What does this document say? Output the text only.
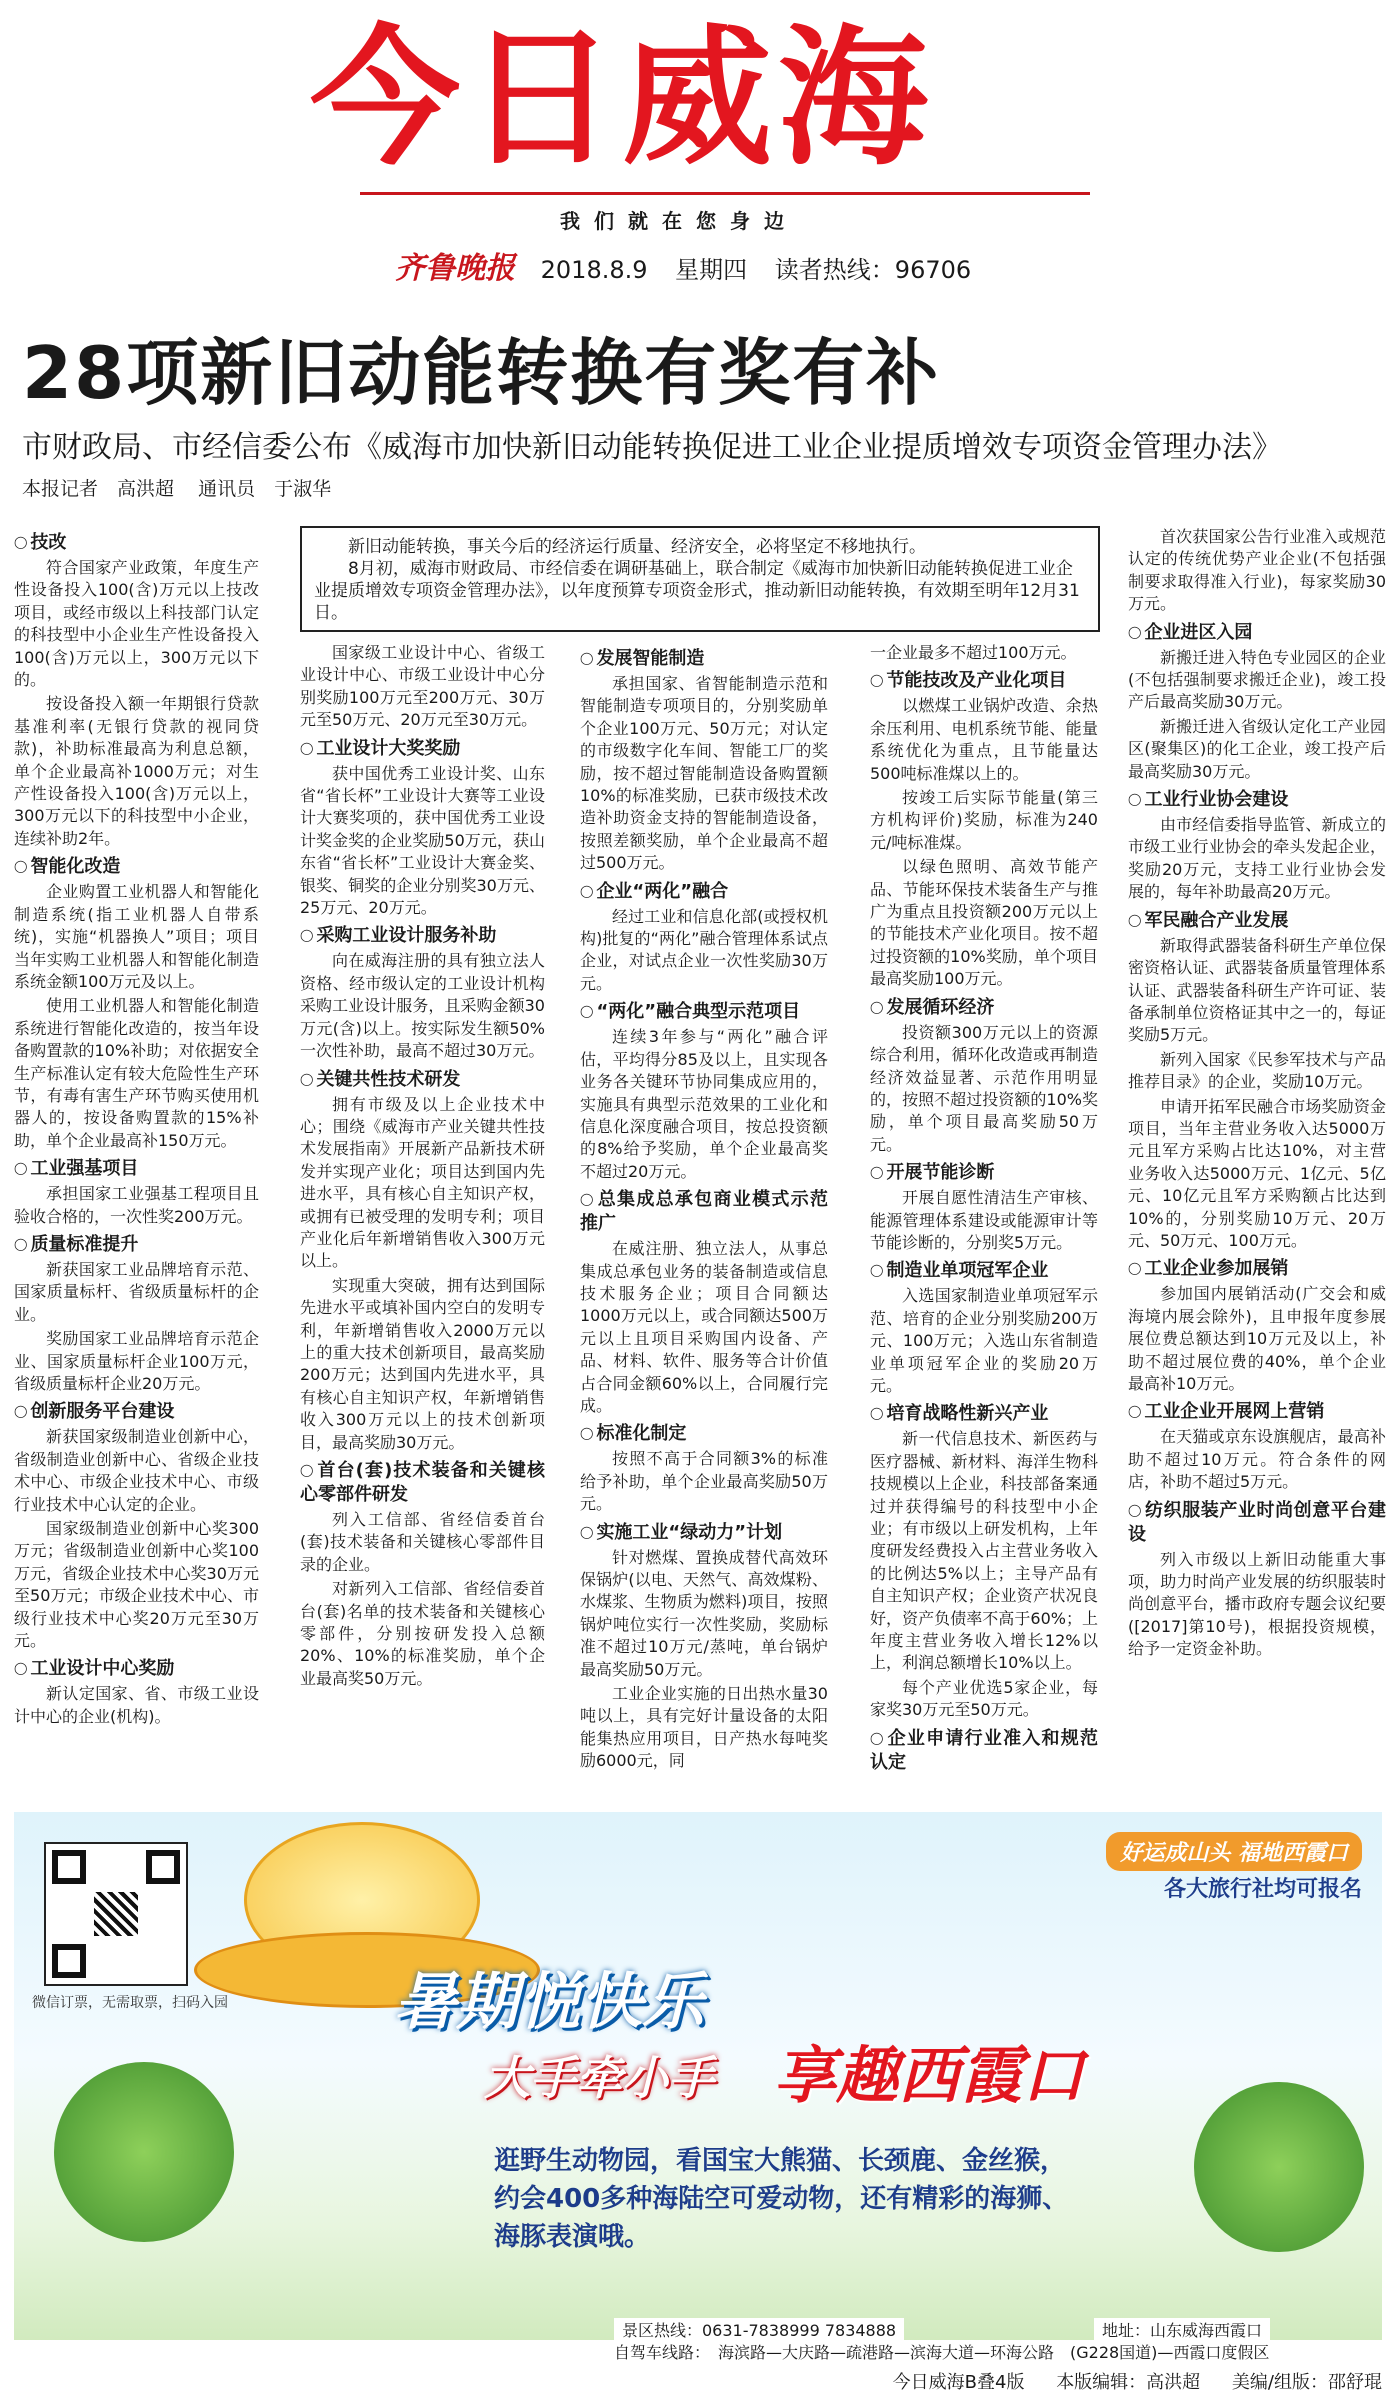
今日威海
我们就在您身边
齐鲁晚报 2018.8.9 星期四 读者热线：96706
28项新旧动能转换有奖有补
市财政局、市经信委公布《威海市加快新旧动能转换促进工业企业提质增效专项资金管理办法》
本报记者　高洪超 通讯员　于淑华
新旧动能转换，事关今后的经济运行质量、经济安全，必将坚定不移地执行。
8月初，威海市财政局、市经信委在调研基础上，联合制定《威海市加快新旧动能转换促进工业企业提质增效专项资金管理办法》，以年度预算专项资金形式，推动新旧动能转换，有效期至明年12月31日。
◯ 技改

符合国家产业政策，年度生产性设备投入100(含)万元以上技改项目，或经市级以上科技部门认定的科技型中小企业生产性设备投入100(含)万元以上，300万元以下的。

按设备投入额一年期银行贷款基准利率(无银行贷款的视同贷款)，补助标准最高为利息总额，单个企业最高补1000万元；对生产性设备投入100(含)万元以上，300万元以下的科技型中小企业，连续补助2年。

◯ 智能化改造

企业购置工业机器人和智能化制造系统(指工业机器人自带系统)，实施“机器换人”项目；项目当年实购工业机器人和智能化制造系统金额100万元及以上。

使用工业机器人和智能化制造系统进行智能化改造的，按当年设备购置款的10%补助；对依据安全生产标准认定有较大危险性生产环节，有毒有害生产环节购买使用机器人的，按设备购置款的15%补助，单个企业最高补150万元。

◯ 工业强基项目

承担国家工业强基工程项目且验收合格的，一次性奖200万元。

◯ 质量标准提升

新获国家工业品牌培育示范、国家质量标杆、省级质量标杆的企业。

奖励国家工业品牌培育示范企业、国家质量标杆企业100万元，省级质量标杆企业20万元。

◯ 创新服务平台建设

新获国家级制造业创新中心，省级制造业创新中心、省级企业技术中心、市级企业技术中心、市级行业技术中心认定的企业。

国家级制造业创新中心奖300万元；省级制造业创新中心奖100万元，省级企业技术中心奖30万元至50万元；市级企业技术中心、市级行业技术中心奖20万元至30万元。

◯ 工业设计中心奖励

新认定国家、省、市级工业设计中心的企业(机构)。

国家级工业设计中心、省级工业设计中心、市级工业设计中心分别奖励100万元至200万元、30万元至50万元、20万元至30万元。

◯ 工业设计大奖奖励

获中国优秀工业设计奖、山东省“省长杯”工业设计大赛等工业设计大赛奖项的，获中国优秀工业设计奖金奖的企业奖励50万元，获山东省“省长杯”工业设计大赛金奖、银奖、铜奖的企业分别奖30万元、25万元、20万元。

◯ 采购工业设计服务补助

向在威海注册的具有独立法人资格、经市级认定的工业设计机构采购工业设计服务，且采购金额30万元(含)以上。按实际发生额50%一次性补助，最高不超过30万元。

◯ 关键共性技术研发

拥有市级及以上企业技术中心；围绕《威海市产业关键共性技术发展指南》开展新产品新技术研发并实现产业化；项目达到国内先进水平，具有核心自主知识产权，或拥有已被受理的发明专利；项目产业化后年新增销售收入300万元以上。

实现重大突破，拥有达到国际先进水平或填补国内空白的发明专利，年新增销售收入2000万元以上的重大技术创新项目，最高奖励200万元；达到国内先进水平，具有核心自主知识产权，年新增销售收入300万元以上的技术创新项目，最高奖励30万元。

◯ 首台(套)技术装备和关键核心零部件研发

列入工信部、省经信委首台(套)技术装备和关键核心零部件目录的企业。

对新列入工信部、省经信委首台(套)名单的技术装备和关键核心零部件，分别按研发投入总额20%、10%的标准奖励，单个企业最高奖50万元。

◯ 发展智能制造

承担国家、省智能制造示范和智能制造专项项目的，分别奖励单个企业100万元、50万元；对认定的市级数字化车间、智能工厂的奖励，按不超过智能制造设备购置额10%的标准奖励，已获市级技术改造补助资金支持的智能制造设备，按照差额奖励，单个企业最高不超过500万元。

◯ 企业“两化”融合

经过工业和信息化部(或授权机构)批复的“两化”融合管理体系试点企业，对试点企业一次性奖励30万元。

◯ “两化”融合典型示范项目

连续3年参与“两化”融合评估，平均得分85及以上，且实现各业务各关键环节协同集成应用的，实施具有典型示范效果的工业化和信息化深度融合项目，按总投资额的8%给予奖励，单个企业最高奖不超过20万元。

◯ 总集成总承包商业模式示范推广

在威注册、独立法人，从事总集成总承包业务的装备制造或信息技术服务企业；项目合同额达1000万元以上，或合同额达500万元以上且项目采购国内设备、产品、材料、软件、服务等合计价值占合同金额60%以上，合同履行完成。

◯ 标准化制定

按照不高于合同额3%的标准给予补助，单个企业最高奖励50万元。

◯ 实施工业“绿动力”计划

针对燃煤、置换成替代高效环保锅炉(以电、天然气、高效煤粉、水煤浆、生物质为燃料)项目，按照锅炉吨位实行一次性奖励，奖励标准不超过10万元/蒸吨，单台锅炉最高奖励50万元。

工业企业实施的日出热水量30吨以上，具有完好计量设备的太阳能集热应用项目，日产热水每吨奖励6000元，同

一企业最多不超过100万元。

◯ 节能技改及产业化项目

以燃煤工业锅炉改造、余热余压利用、电机系统节能、能量系统优化为重点，且节能量达500吨标准煤以上的。

按竣工后实际节能量(第三方机构评价)奖励，标准为240元/吨标准煤。

以绿色照明、高效节能产品、节能环保技术装备生产与推广为重点且投资额200万元以上的节能技术产业化项目。按不超过投资额的10%奖励，单个项目最高奖励100万元。

◯ 发展循环经济

投资额300万元以上的资源综合利用，循环化改造或再制造经济效益显著、示范作用明显的，按照不超过投资额的10%奖励，单个项目最高奖励50万元。

◯ 开展节能诊断

开展自愿性清洁生产审核、能源管理体系建设或能源审计等节能诊断的，分别奖5万元。

◯ 制造业单项冠军企业

入选国家制造业单项冠军示范、培育的企业分别奖励200万元、100万元；入选山东省制造业单项冠军企业的奖励20万元。

◯ 培育战略性新兴产业

新一代信息技术、新医药与医疗器械、新材料、海洋生物科技规模以上企业，科技部备案通过并获得编号的科技型中小企业；有市级以上研发机构，上年度研发经费投入占主营业务收入的比例达5%以上；主导产品有自主知识产权；企业资产状况良好，资产负债率不高于60%；上年度主营业务收入增长12%以上，利润总额增长10%以上。

每个产业优选5家企业，每家奖30万元至50万元。

◯ 企业申请行业准入和规范认定

首次获国家公告行业准入或规范认定的传统优势产业企业(不包括强制要求取得准入行业)，每家奖励30万元。

◯ 企业进区入园

新搬迁进入特色专业园区的企业(不包括强制要求搬迁企业)，竣工投产后最高奖励30万元。

新搬迁进入省级认定化工产业园区(聚集区)的化工企业，竣工投产后最高奖励30万元。

◯ 工业行业协会建设

由市经信委指导监管、新成立的市级工业行业协会的牵头发起企业，奖励20万元，支持工业行业协会发展的，每年补助最高20万元。

◯ 军民融合产业发展

新取得武器装备科研生产单位保密资格认证、武器装备质量管理体系认证、武器装备科研生产许可证、装备承制单位资格证其中之一的，每证奖励5万元。

新列入国家《民参军技术与产品推荐目录》的企业，奖励10万元。

申请开拓军民融合市场奖励资金项目，当年主营业务收入达5000万元且军方采购占比达10%，对主营业务收入达5000万元、1亿元、5亿元、10亿元且军方采购额占比达到10%的，分别奖励10万元、20万元、50万元、100万元。

◯ 工业企业参加展销

参加国内展销活动(广交会和威海境内展会除外)，且申报年度参展展位费总额达到10万元及以上，补助不超过展位费的40%，单个企业最高补10万元。

◯ 工业企业开展网上营销

在天猫或京东设旗舰店，最高补助不超过10万元。符合条件的网店，补助不超过5万元。

◯ 纺织服装产业时尚创意平台建设

列入市级以上新旧动能重大事项，助力时尚产业发展的纺织服装时尚创意平台，播市政府专题会议纪要([2017]第10号)，根据投资规模，给予一定资金补助。

微信订票，无需取票，扫码入园
好运成山头 福地西霞口
各大旅行社均可报名
暑期悦快乐
大手牵小手 享趣西霞口
逛野生动物园，看国宝大熊猫、长颈鹿、金丝猴，约会400多种海陆空可爱动物，还有精彩的海狮、海豚表演哦。
景区热线：0631-7838999 7834888	地址：山东威海西霞口
自驾车线路：　海滨路—大庆路—疏港路—滨海大道—环海公路　(G228国道)—西霞口度假区
今日威海B叠4版 本版编辑：高洪超 美编/组版：邵舒琨
